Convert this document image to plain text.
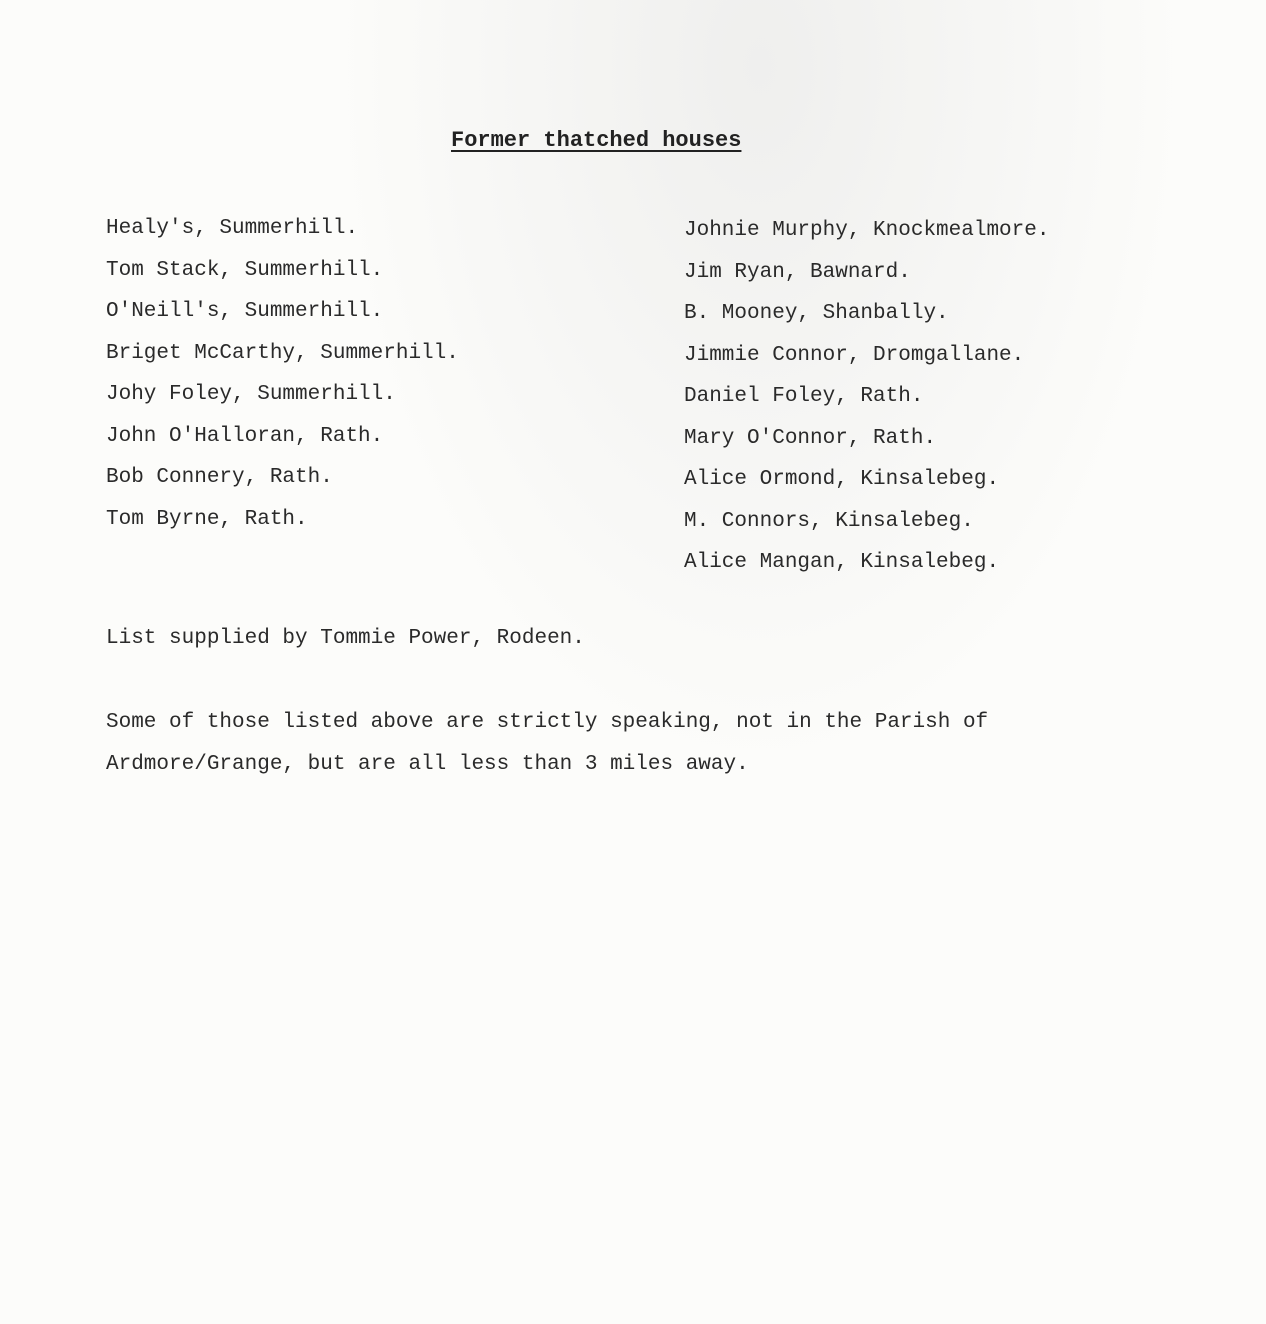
Former thatched houses
Healy's, Summerhill.
Tom Stack, Summerhill.
O'Neill's, Summerhill.
Briget McCarthy, Summerhill.
Johy Foley, Summerhill.
John O'Halloran, Rath.
Bob Connery, Rath.
Tom Byrne, Rath.
Johnie Murphy, Knockmealmore.
Jim Ryan, Bawnard.
B. Mooney, Shanbally.
Jimmie Connor, Dromgallane.
Daniel Foley, Rath.
Mary O'Connor, Rath.
Alice Ormond, Kinsalebeg.
M. Connors, Kinsalebeg.
Alice Mangan, Kinsalebeg.
List supplied by Tommie Power, Rodeen.

Some of those listed above are strictly speaking, not in the Parish of
Ardmore/Grange, but are all less than 3 miles away.
